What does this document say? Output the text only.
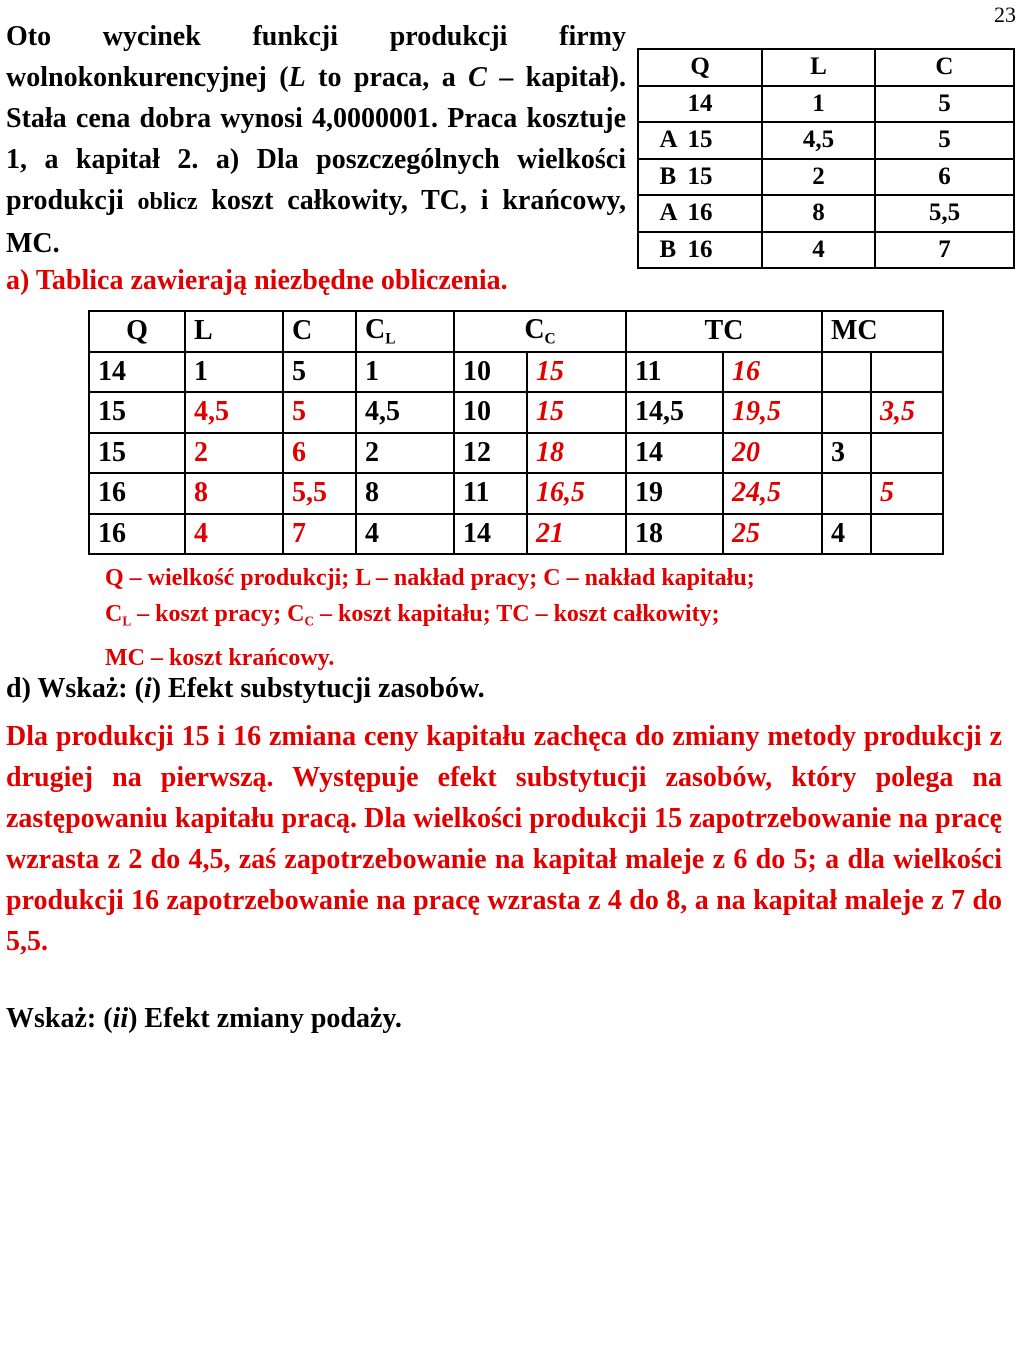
23
Oto wycinek funkcji produkcji firmy wolnokonkurencyjnej (L to praca, a C – kapitał). Stała cena dobra wynosi 4,0000001. Praca kosztuje 1, a kapitał 2. a) Dla poszczególnych wielkości produkcji oblicz koszt całkowity, TC, i krańcowy, MC.
a) Tablica zawierają niezbędne obliczenia.
Q	L	C
14	1	5
A 15	4,5	5
B 15	2	6
A 16	8	5,5
B 16	4	7
Q	L	C	$C_L$	$C_C$		TC		MC	
14	1	5	1	10	15	11	16		
15	4,5	5	4,5	10	15	14,5	19,5		3,5
15	2	6	2	12	18	14	20	3	
16	8	5,5	8	11	16,5	19	24,5		5
16	4	7	4	14	21	18	25	4	
Q – wielkość produkcji; L – nakład pracy; C – nakład kapitału;
$C_L$ – koszt pracy; $C_C$ – koszt kapitału; TC – koszt całkowity;
MC – koszt krańcowy.
d) Wskaż: (i) Efekt substytucji zasobów.
Dla produkcji 15 i 16 zmiana ceny kapitału zachęca do zmiany metody produkcji z drugiej na pierwszą. Występuje efekt substytucji zasobów, który polega na zastępowaniu kapitału pracą. Dla wielkości produkcji 15 zapotrzebowanie na pracę wzrasta z 2 do 4,5, zaś zapotrzebowanie na kapitał maleje z 6 do 5; a dla wielkości produkcji 16 zapotrzebowanie na pracę wzrasta z 4 do 8, a na kapitał maleje z 7 do 5,5.
Wskaż: (ii) Efekt zmiany podaży.
